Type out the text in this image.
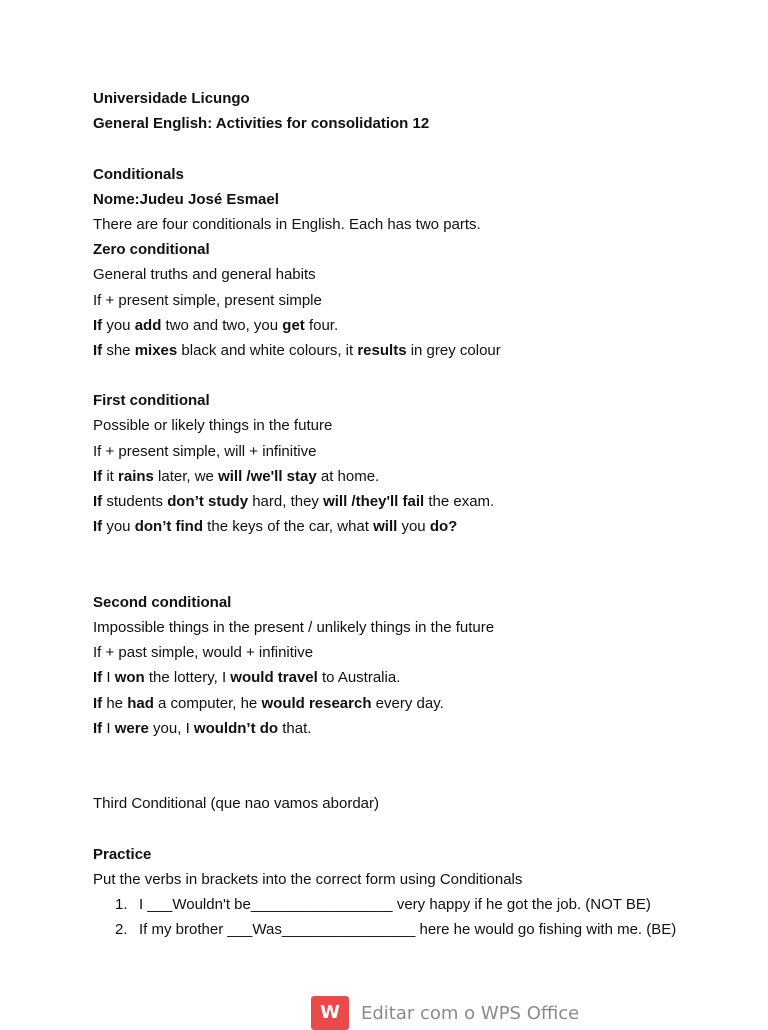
Universidade Licungo
General English: Activities for consolidation 12
Conditionals
Nome:Judeu José Esmael
There are four conditionals in English. Each has two parts.
Zero conditional
General truths and general habits
If + present simple, present simple
If you add two and two, you get four.
If she mixes black and white colours, it results in grey colour
First conditional
Possible or likely things in the future
If + present simple, will + infinitive
If it rains later, we will /we'll stay at home.
If students don’t study hard, they will /they'll fail the exam.
If you don’t find the keys of the car, what will you do?
Second conditional
Impossible things in the present / unlikely things in the future
If + past simple, would + infinitive
If I won the lottery, I would travel to Australia.
If he had a computer, he would research every day.
If I were you, I wouldn’t do that.
Third Conditional (que nao vamos abordar)
Practice
Put the verbs in brackets into the correct form using Conditionals
1. I ___Wouldn't be_________________ very happy if he got the job. (NOT BE)
2. If my brother ___Was________________ here he would go fishing with me. (BE)
W	Editar com o WPS Office
